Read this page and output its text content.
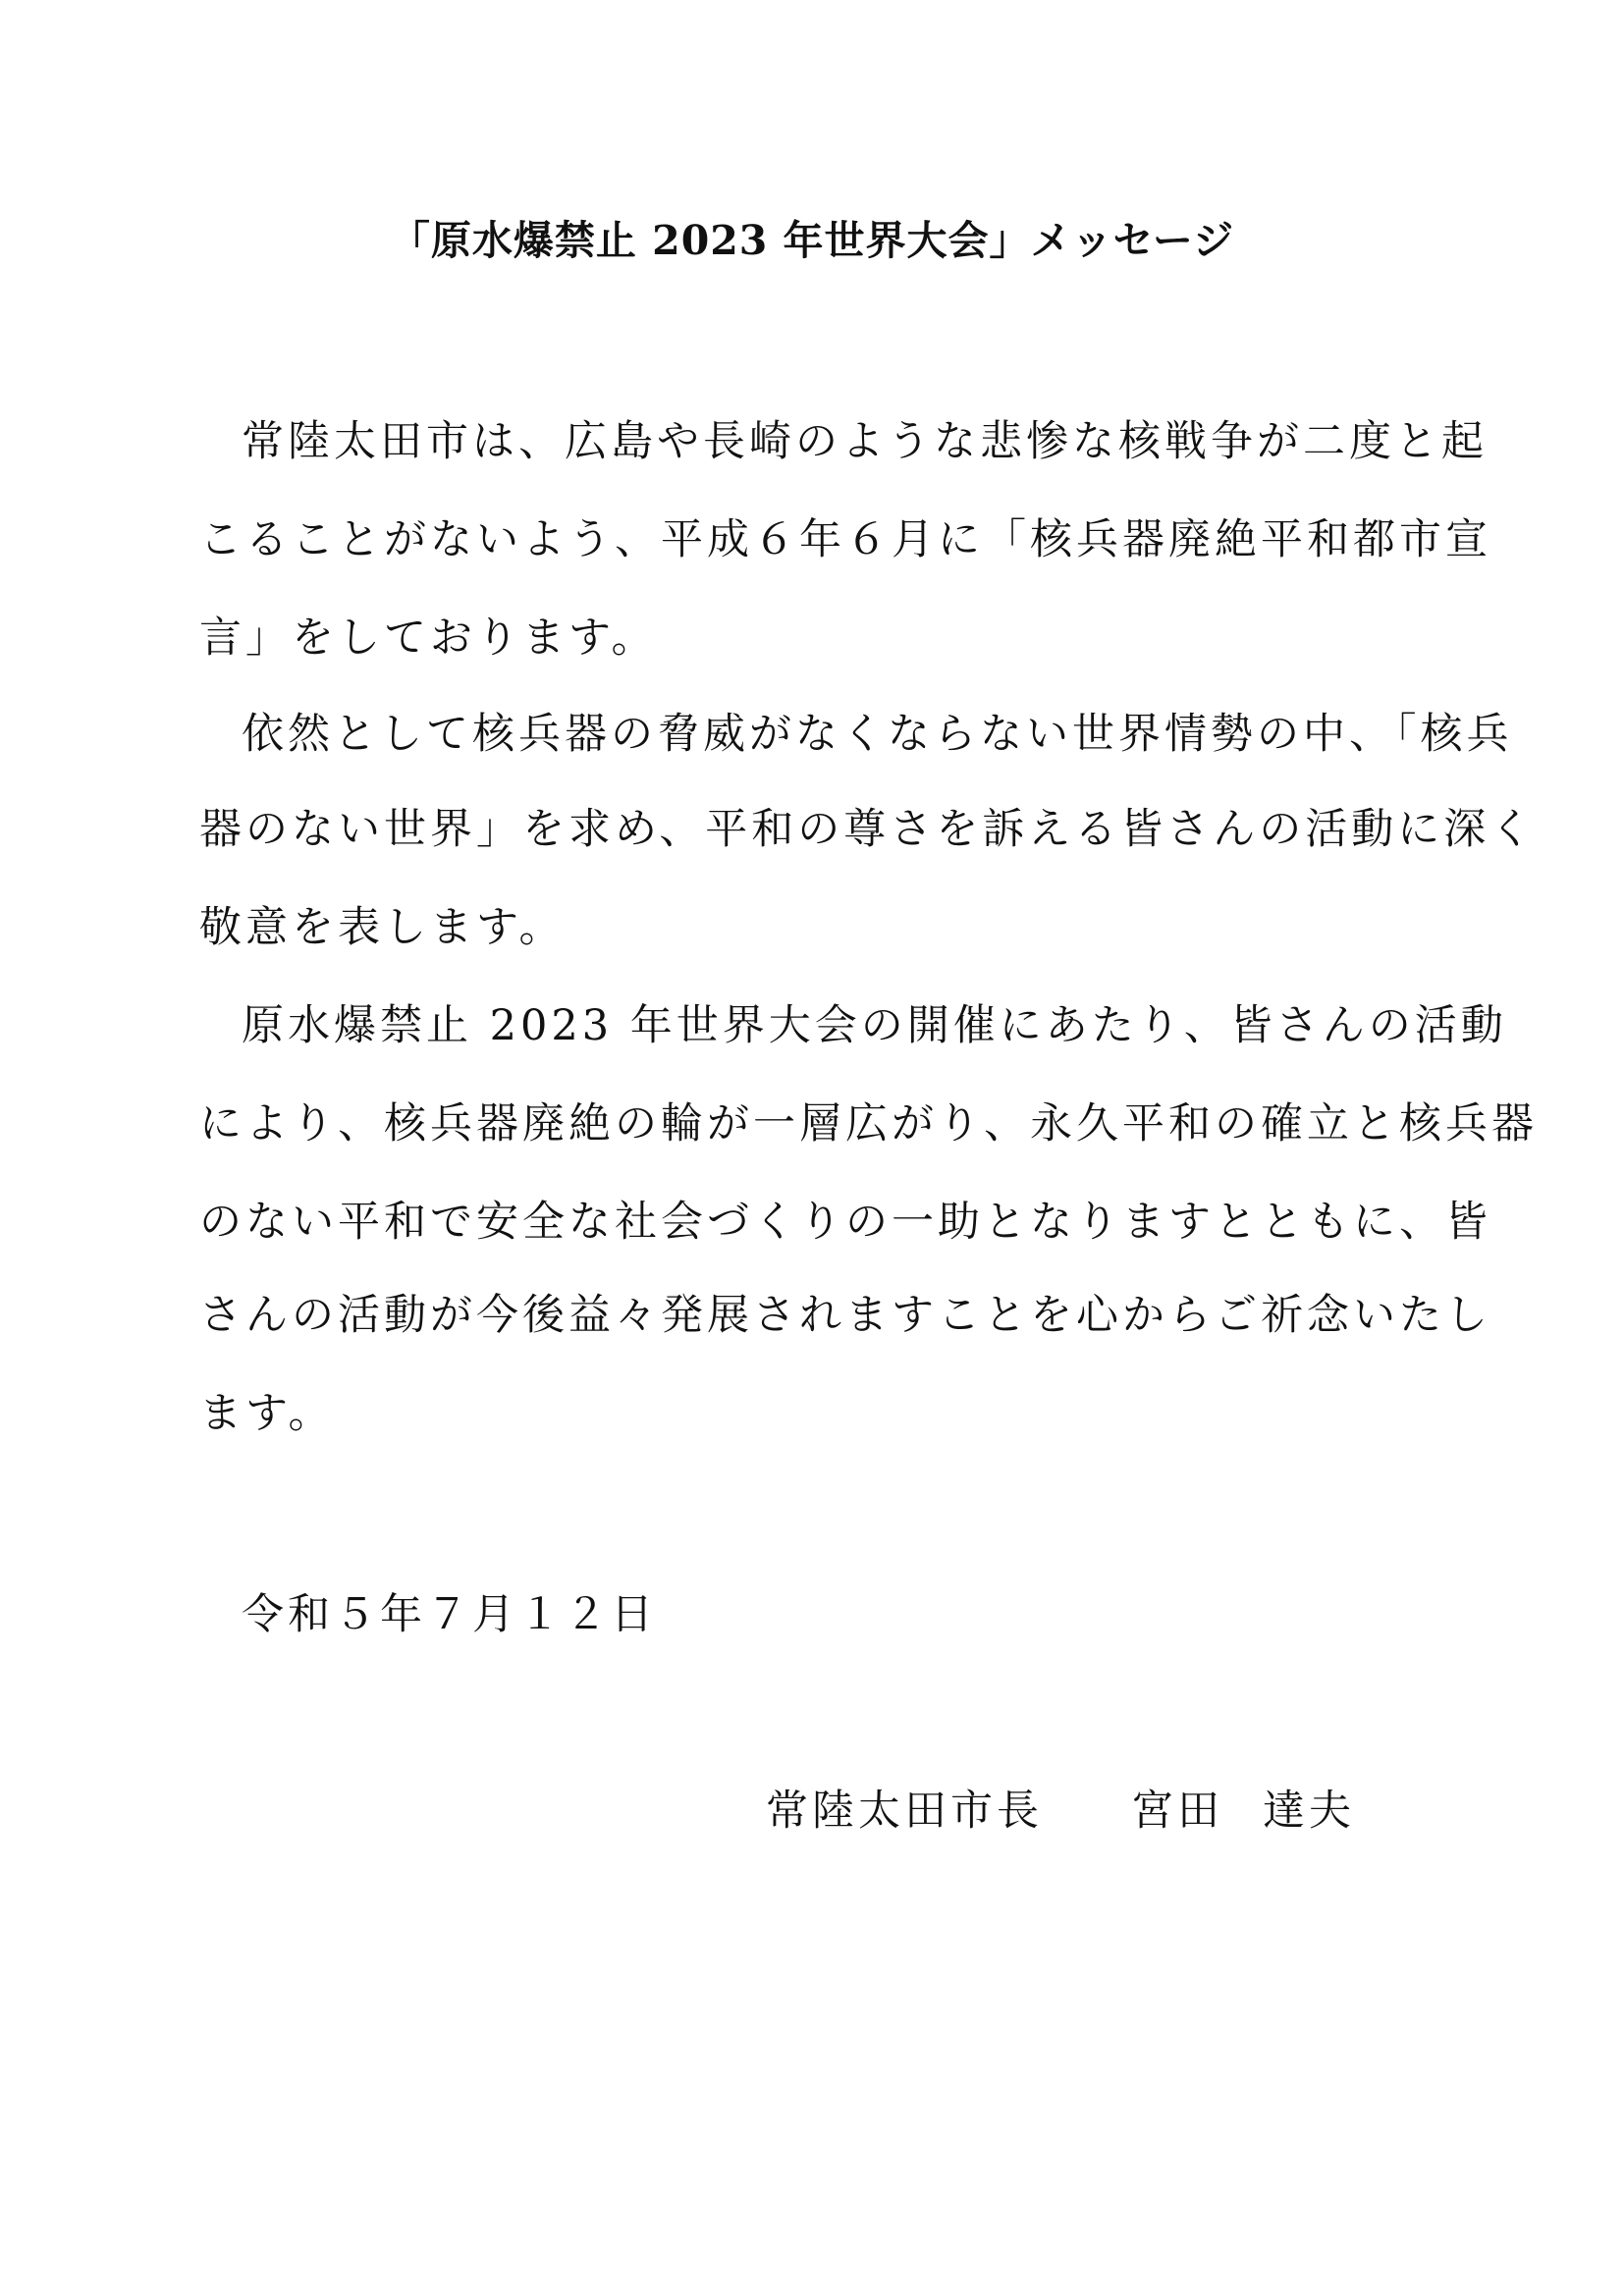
「原水爆禁止 2023 年世界大会」メッセージ
常陸太田市は、広島や長崎のような悲惨な核戦争が二度と起
こることがないよう、平成６年６月に「核兵器廃絶平和都市宣
言」をしております。
依然として核兵器の脅威がなくならない世界情勢の中、「核兵
器のない世界」を求め、平和の尊さを訴える皆さんの活動に深く
敬意を表します。
原水爆禁止 2023 年世界大会の開催にあたり、皆さんの活動
により、核兵器廃絶の輪が一層広がり、永久平和の確立と核兵器
のない平和で安全な社会づくりの一助となりますとともに、皆
さんの活動が今後益々発展されますことを心からご祈念いたし
ます。
令和５年７月１２日
常陸太田市長 宮田 達夫
